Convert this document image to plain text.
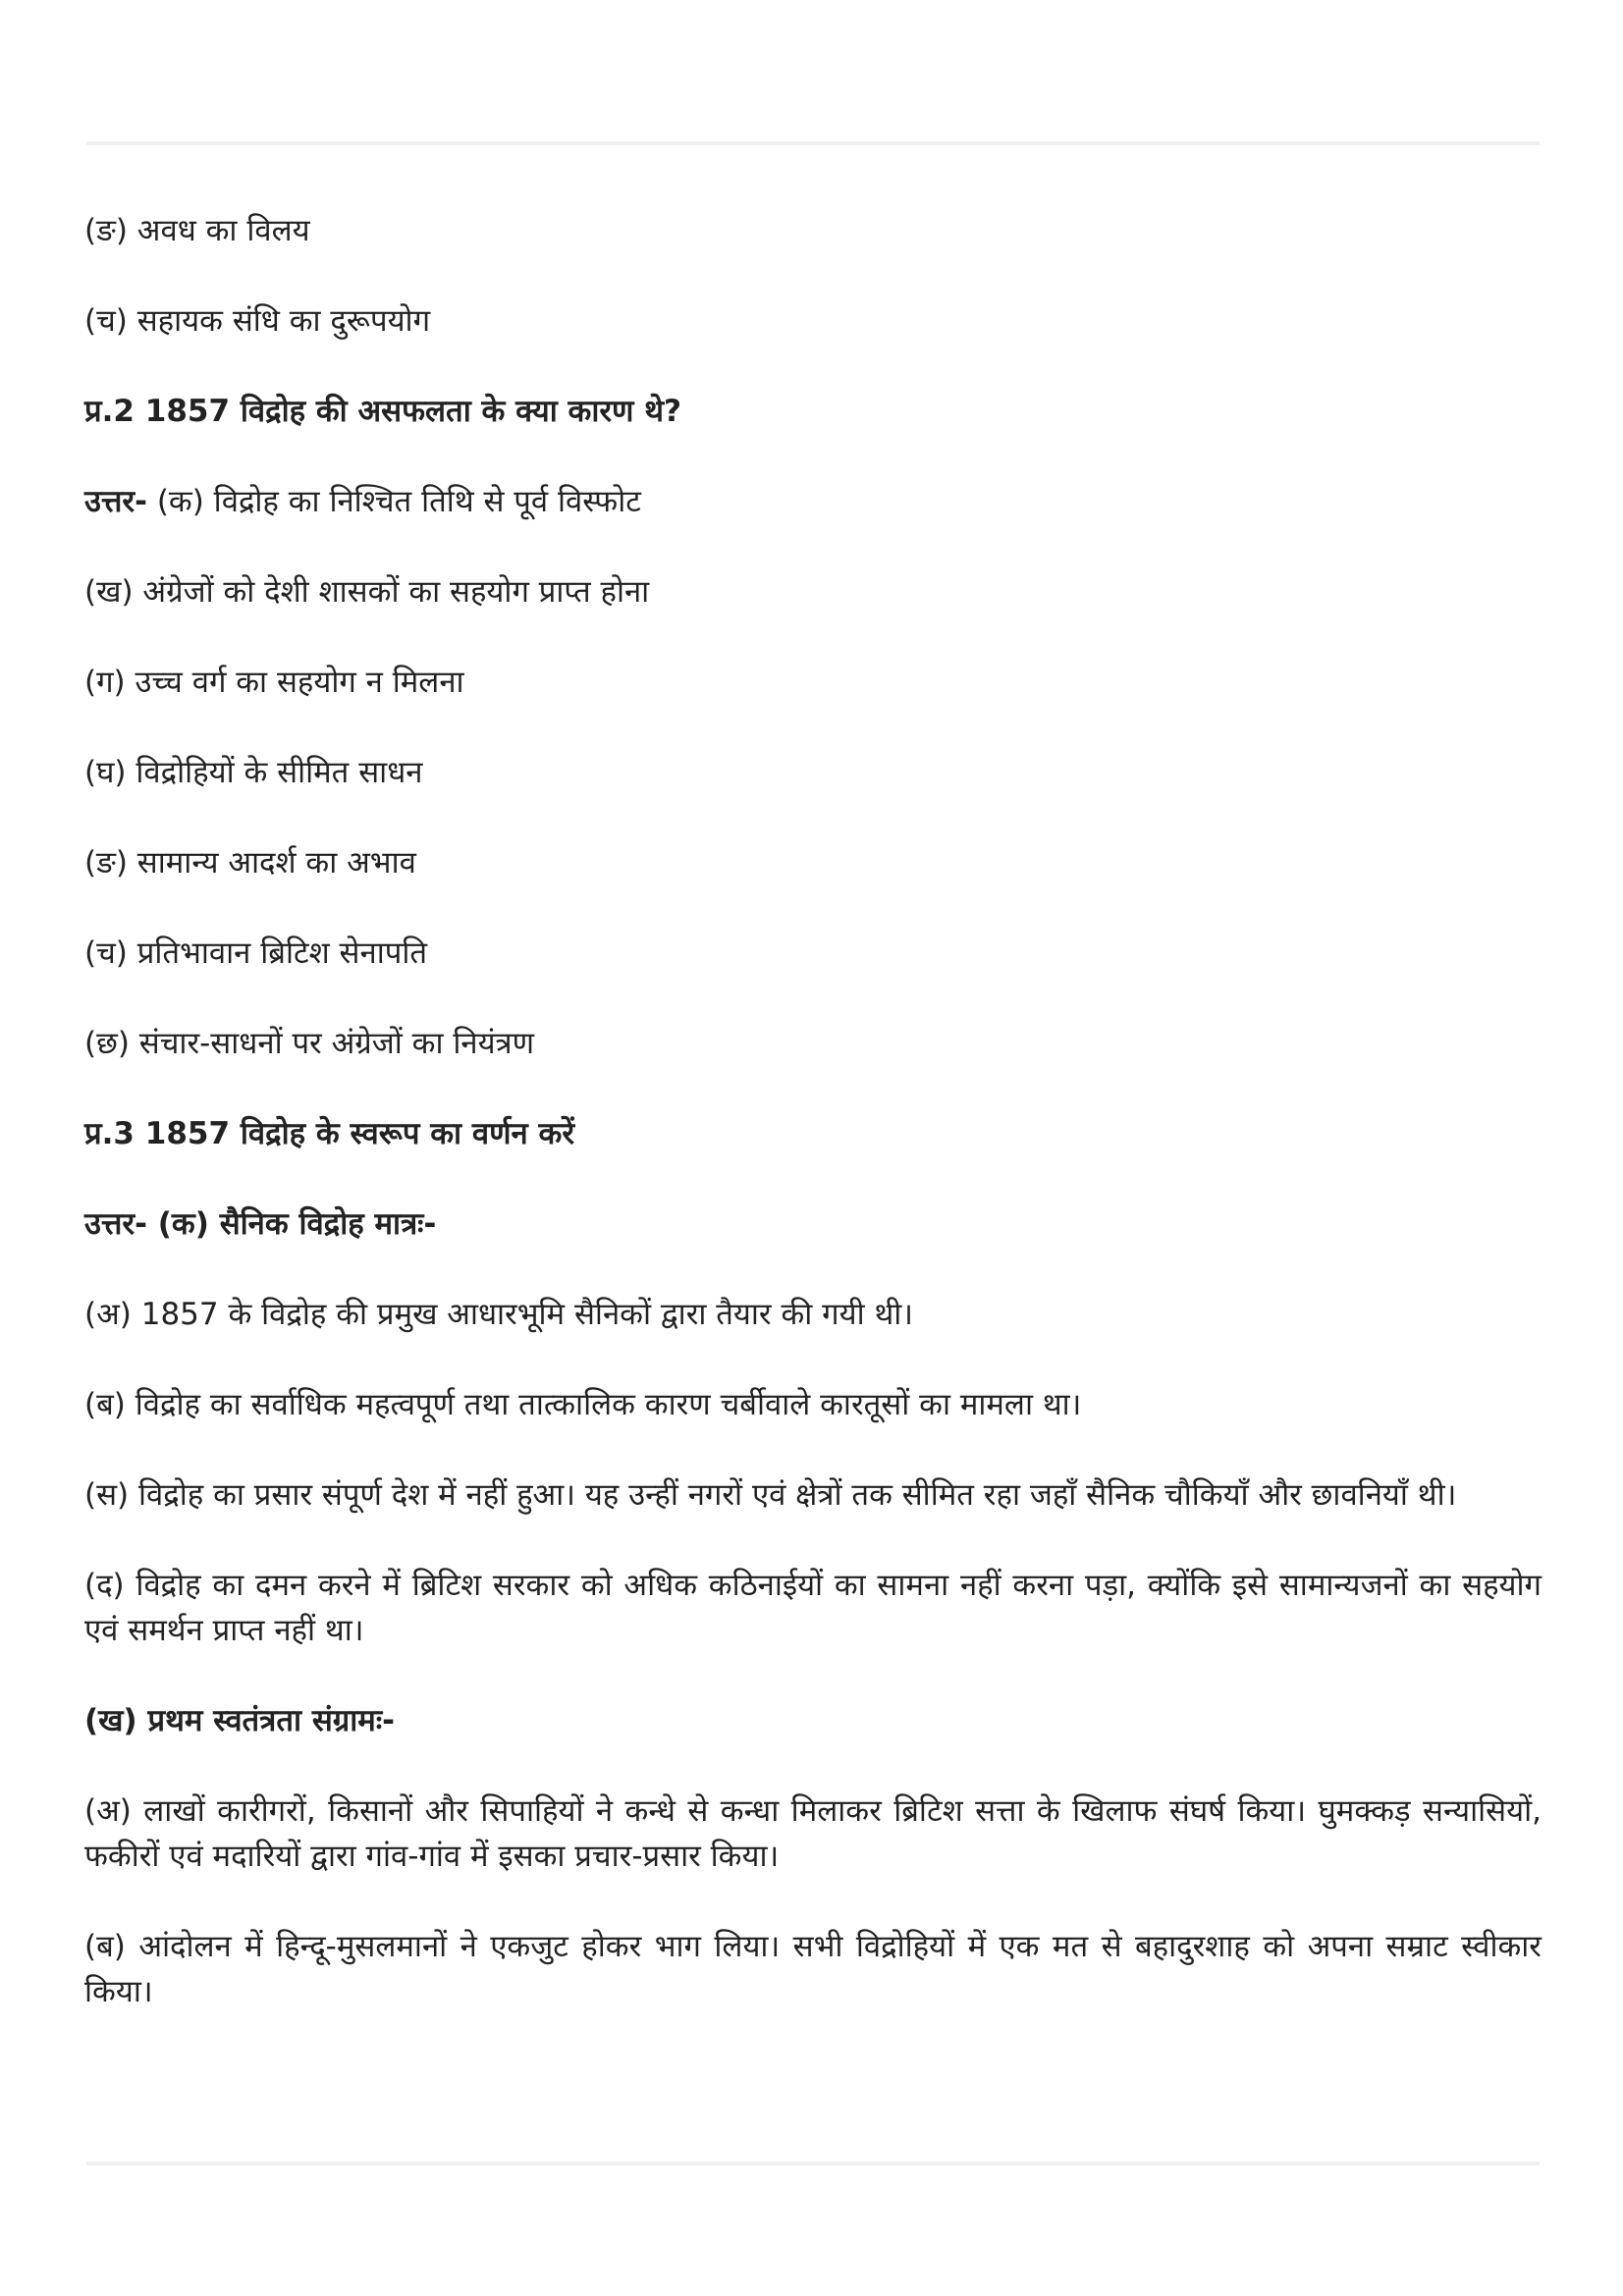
(ङ) अवध का विलय

(च) सहायक संधि का दुरूपयोग

प्र.2 1857 विद्रोह की असफलता के क्या कारण थे?

उत्तर- (क) विद्रोह का निश्चित तिथि से पूर्व विस्फोट

(ख) अंग्रेजों को देशी शासकों का सहयोग प्राप्त होना

(ग) उच्च वर्ग का सहयोग न मिलना

(घ) विद्रोहियों के सीमित साधन

(ङ) सामान्य आदर्श का अभाव

(च) प्रतिभावान ब्रिटिश सेनापति

(छ) संचार-साधनों पर अंग्रेजों का नियंत्रण

प्र.3 1857 विद्रोह के स्वरूप का वर्णन करें

उत्तर- (क) सैनिक विद्रोह मात्रः-

(अ) 1857 के विद्रोह की प्रमुख आधारभूमि सैनिकों द्वारा तैयार की गयी थी।

(ब) विद्रोह का सर्वाधिक महत्वपूर्ण तथा तात्कालिक कारण चर्बीवाले कारतूसों का मामला था।

(स) विद्रोह का प्रसार संपूर्ण देश में नहीं हुआ। यह उन्हीं नगरों एवं क्षेत्रों तक सीमित रहा जहाँ सैनिक चौकियाँ और छावनियाँ थी।

(द) विद्रोह का दमन करने में ब्रिटिश सरकार को अधिक कठिनाईयों का सामना नहीं करना पड़ा, क्योंकि इसे सामान्यजनों का सहयोग एवं समर्थन प्राप्त नहीं था।

(ख) प्रथम स्वतंत्रता संग्रामः-

(अ) लाखों कारीगरों, किसानों और सिपाहियों ने कन्धे से कन्धा मिलाकर ब्रिटिश सत्ता के खिलाफ संघर्ष किया। घुमक्कड़ सन्यासियों, फकीरों एवं मदारियों द्वारा गांव-गांव में इसका प्रचार-प्रसार किया।

(ब) आंदोलन में हिन्दू-मुसलमानों ने एकजुट होकर भाग लिया। सभी विद्रोहियों में एक मत से बहादुरशाह को अपना सम्राट स्वीकार किया।
